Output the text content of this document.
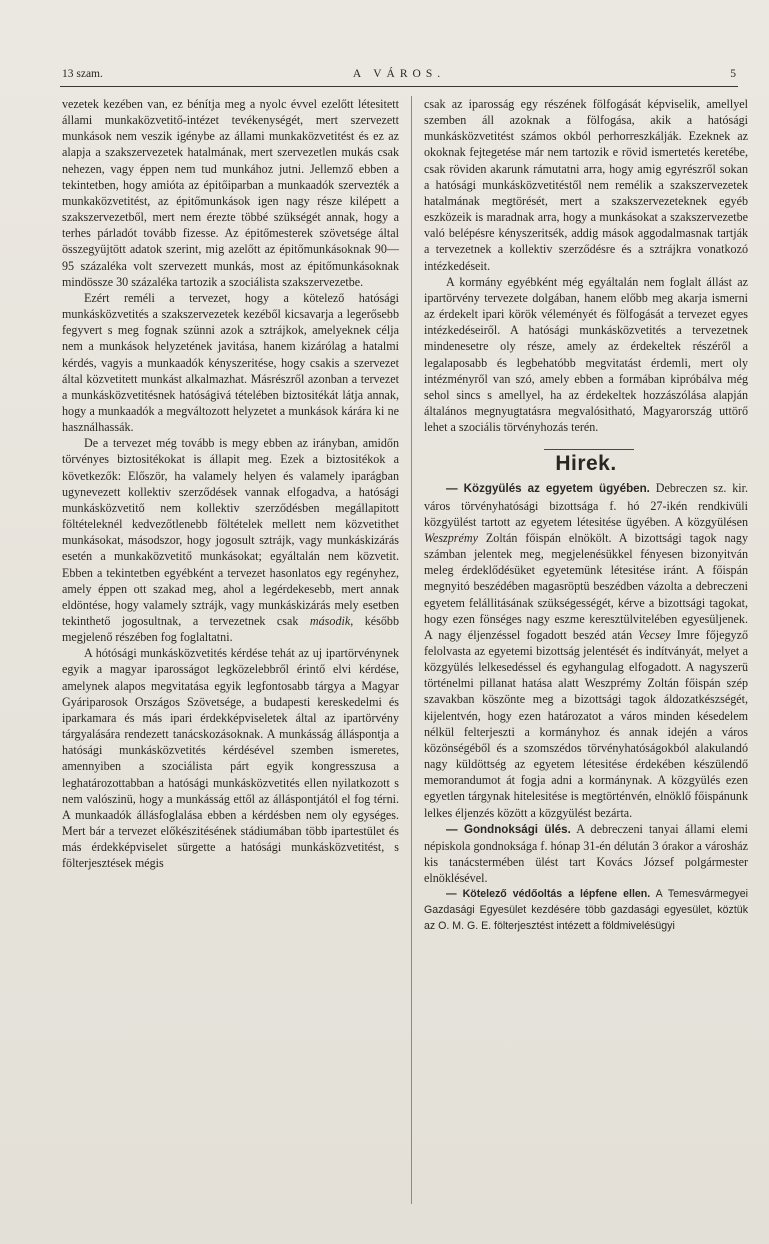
13 szam.	A VÁROS.	5

vezetek kezében van, ez bénítja meg a nyolc évvel ezelőtt létesitett állami munkaközvetitő-intézet tevékenységét, mert szervezett munkások nem veszik igénybe az állami munkaközvetitést és ez az alapja a szakszervezetek hatalmának, mert szervezetlen mukás csak nehezen, vagy éppen nem tud munkához jutni. Jellemző ebben a tekintetben, hogy amióta az épitőiparban a munkaadók szervezték a munkaközvetitést, az épitőmunkások igen nagy része kilépett a szakszervezetből, mert nem érezte többé szükségét annak, hogy a terhes párladót tovább fizesse. Az épitőmesterek szövetsége által összegyüjtött adatok szerint, mig azelőtt az épitőmunkásoknak 90—95 százaléka volt szervezett munkás, most az épitőmunkásoknak mindössze 30 százaléka tartozik a szociálista szakszervezetbe.

Ezért reméli a tervezet, hogy a kötelező hatósági munkásközvetités a szakszervezetek kezéből kicsavarja a legerősebb fegyvert s meg fognak szünni azok a sztrájkok, amelyeknek célja nem a munkások helyzetének javitása, hanem kizárólag a hatalmi kérdés, vagyis a munkaadók kényszeritése, hogy csakis a szervezet által közvetitett munkást alkalmazhat. Másrészről azonban a tervezet a munkásközvetitésnek hatóságivá tételében biztositékát látja annak, hogy a munkaadók a megváltozott helyzetet a munkások kárára ki ne használhassák.

De a tervezet még tovább is megy ebben az irányban, amidőn törvényes biztositékokat is állapit meg. Ezek a biztositékok a következők: Először, ha valamely helyen és valamely iparágban ugynevezett kollektiv szerződések vannak elfogadva, a hatósági munkásközvetitő nem kollektiv szerződésben megállapitott föltételeknél kedvezőtlenebb föltételek mellett nem közvetithet munkásokat, másodszor, hogy jogosult sztrájk, vagy munkáskizárás esetén a munkaközvetitő munkásokat; egyáltalán nem közvetit. Ebben a tekintetben egyébként a tervezet hasonlatos egy regényhez, amely éppen ott szakad meg, ahol a legérdekesebb, mert annak eldöntése, hogy valamely sztrájk, vagy munkáskizárás mely esetben tekinthető jogosultnak, a tervezetnek csak második, később megjelenő részében fog foglaltatni.

A hótósági munkásközvetités kérdése tehát az uj ipartörvénynek egyik a magyar iparosságot legközelebbről érintő elvi kérdése, amelynek alapos megvitatása egyik legfontosabb tárgya a Magyar Gyáriparosok Országos Szövetsége, a budapesti kereskedelmi és iparkamara és más ipari érdekképviseletek által az ipartörvény tárgyalására rendezett tanácskozásoknak. A munkásság álláspontja a hatósági munkásközvetités kérdésével szemben ismeretes, amennyiben a szociálista párt egyik kongresszusa a leghatározottabban a hatósági munkásközvetités ellen nyilatkozott s nem valószinü, hogy a munkásság ettől az álláspontjától el fog térni. A munkaadók állásfoglalása ebben a kérdésben nem oly egységes. Mert bár a tervezet előkészitésének stádiumában több ipartestület és más érdekképviselet sürgette a hatósági munkásközvetitést, s fölterjesztések mégis

csak az iparosság egy részének fölfogását képviselik, amellyel szemben áll azoknak a fölfogása, akik a hatósági munkásközvetitést számos okból perhorreszkálják. Ezeknek az okoknak fejtegetése már nem tartozik e rövid ismertetés keretébe, csak röviden akarunk rámutatni arra, hogy amig egyrészről sokan a hatósági munkásközvetitéstől nem remélik a szakszervezetek hatalmának megtörését, mert a szakszervezeteknek egyéb eszközeik is maradnak arra, hogy a munkásokat a szakszervezetbe való belépésre kényszeritsék, addig mások aggodalmasnak tartják a tervezetnek a kollektiv szerződésre és a sztrájkra vonatkozó intézkedéseit.

A kormány egyébként még egyáltalán nem foglalt állást az ipartörvény tervezete dolgában, hanem előbb meg akarja ismerni az érdekelt ipari körök véleményét és fölfogását a tervezet egyes intézkedéseiről. A hatósági munkásközvetités a tervezetnek mindenesetre oly része, amely az érdekeltek részéről a legalaposabb és legbehatóbb megvitatást érdemli, mert oly intézményről van szó, amely ebben a formában kipróbálva még sehol sincs s amellyel, ha az érdekeltek hozzászólása alapján általános megnyugtatásra megvalósitható, Magyarország uttörő lehet a szociális törvényhozás terén.

Hirek.

— Közgyülés az egyetem ügyében. Debreczen sz. kir. város törvényhatósági bizottsága f. hó 27-ikén rendkivüli közgyülést tartott az egyetem létesitése ügyében. A közgyülésen Weszprémy Zoltán főispán elnökölt. A bizottsági tagok nagy számban jelentek meg, megjelenésükkel fényesen bizonyitván meleg érdeklődésüket egyetemünk létesitése iránt. A főispán megnyitó beszédében magasröptü beszédben vázolta a debreczeni egyetem felállitásának szükségességét, kérve a bizottsági tagokat, hogy ezen fönséges nagy eszme keresztülvitelében egyesüljenek. A nagy éljenzéssel fogadott beszéd atán Vecsey Imre főjegyző felolvasta az egyetemi bizottság jelentését és indítványát, melyet a közgyülés lelkesedéssel és egyhangulag elfogadott. A nagyszerü történelmi pillanat hatása alatt Weszprémy Zoltán főispán szép szavakban köszönte meg a bizottsági tagok áldozatkészségét, kijelentvén, hogy ezen határozatot a város minden késedelem nélkül felterjeszti a kormányhoz és annak idején a város közönségéből és a szomszédos törvényhatóságokból alakulandó nagy küldöttség az egyetem létesitése érdekében készülendő memorandumot át fogja adni a kormánynak. A közgyülés ezen egyetlen tárgynak hitelesitése is megtörténvén, elnöklő főispánunk lelkes éljenzés között a közgyülést bezárta.

— Gondnoksági ülés. A debreczeni tanyai állami elemi népiskola gondnoksága f. hónap 31-én délután 3 órakor a városház kis tanácstermében ülést tart Kovács József polgármester elnöklésével.

— Kötelező védőoltás a lépfene ellen. A Temesvármegyei Gazdasági Egyesület kezdésére több gazdasági egyesület, köztük az O. M. G. E. fölterjesztést intézett a földmivelésügyi
